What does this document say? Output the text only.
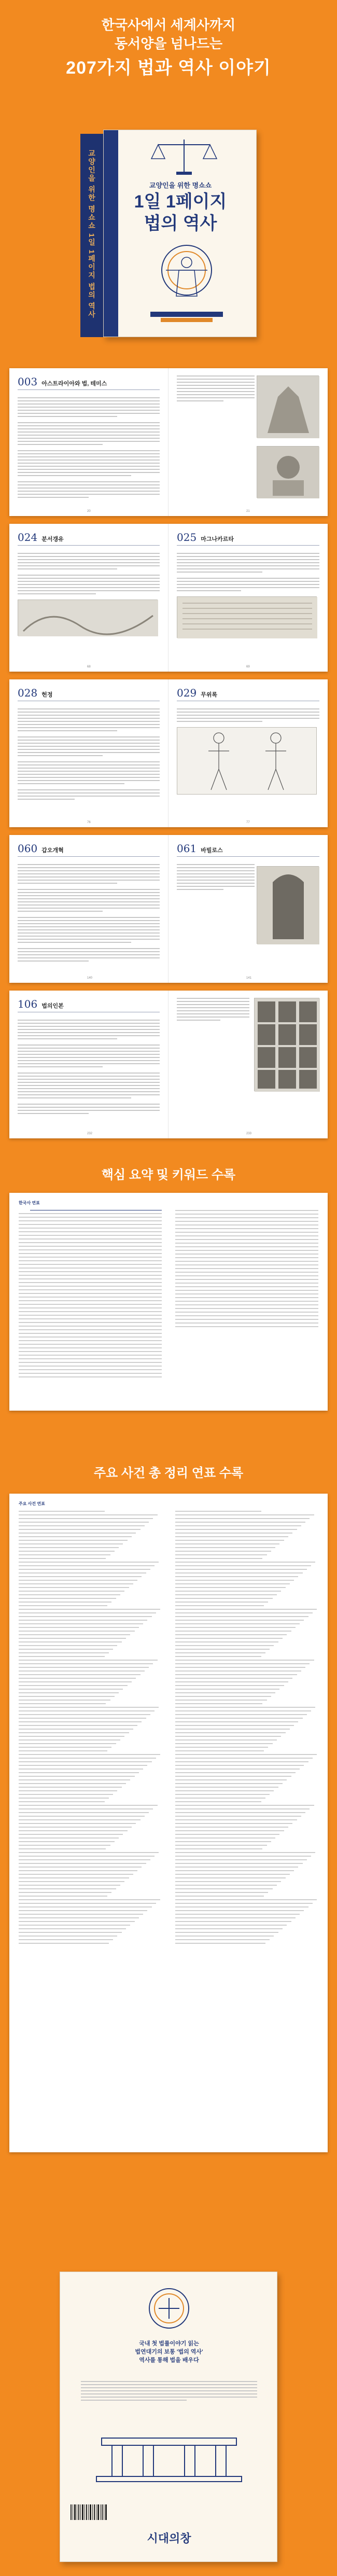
한국사에서 세계사까지
동서양을 넘나드는
207가지 법과 역사 이야기
교양인을 위한 명쇼쇼 1일 1페이지 법의 역사	교양인을 위한 명쇼쇼
1일 1페이지
법의 역사
003 아스트라이아와 법, 테미스
20	21
024 분서갱유
68
025 마그나카르타
69
028 헌정
76
029 무위록
77
060 갑오개혁
140
061 바빌로스
141
106 법의인본
232	233
핵심 요약 및 키워드 수록
한국사 연표
주요 사건 총 정리 연표 수록
주요 사건 연표
국내 첫 법률이야기 읽는
법연대기의 보통 '법의 역사'
역사를 통해 법을 배우다
시대의창
